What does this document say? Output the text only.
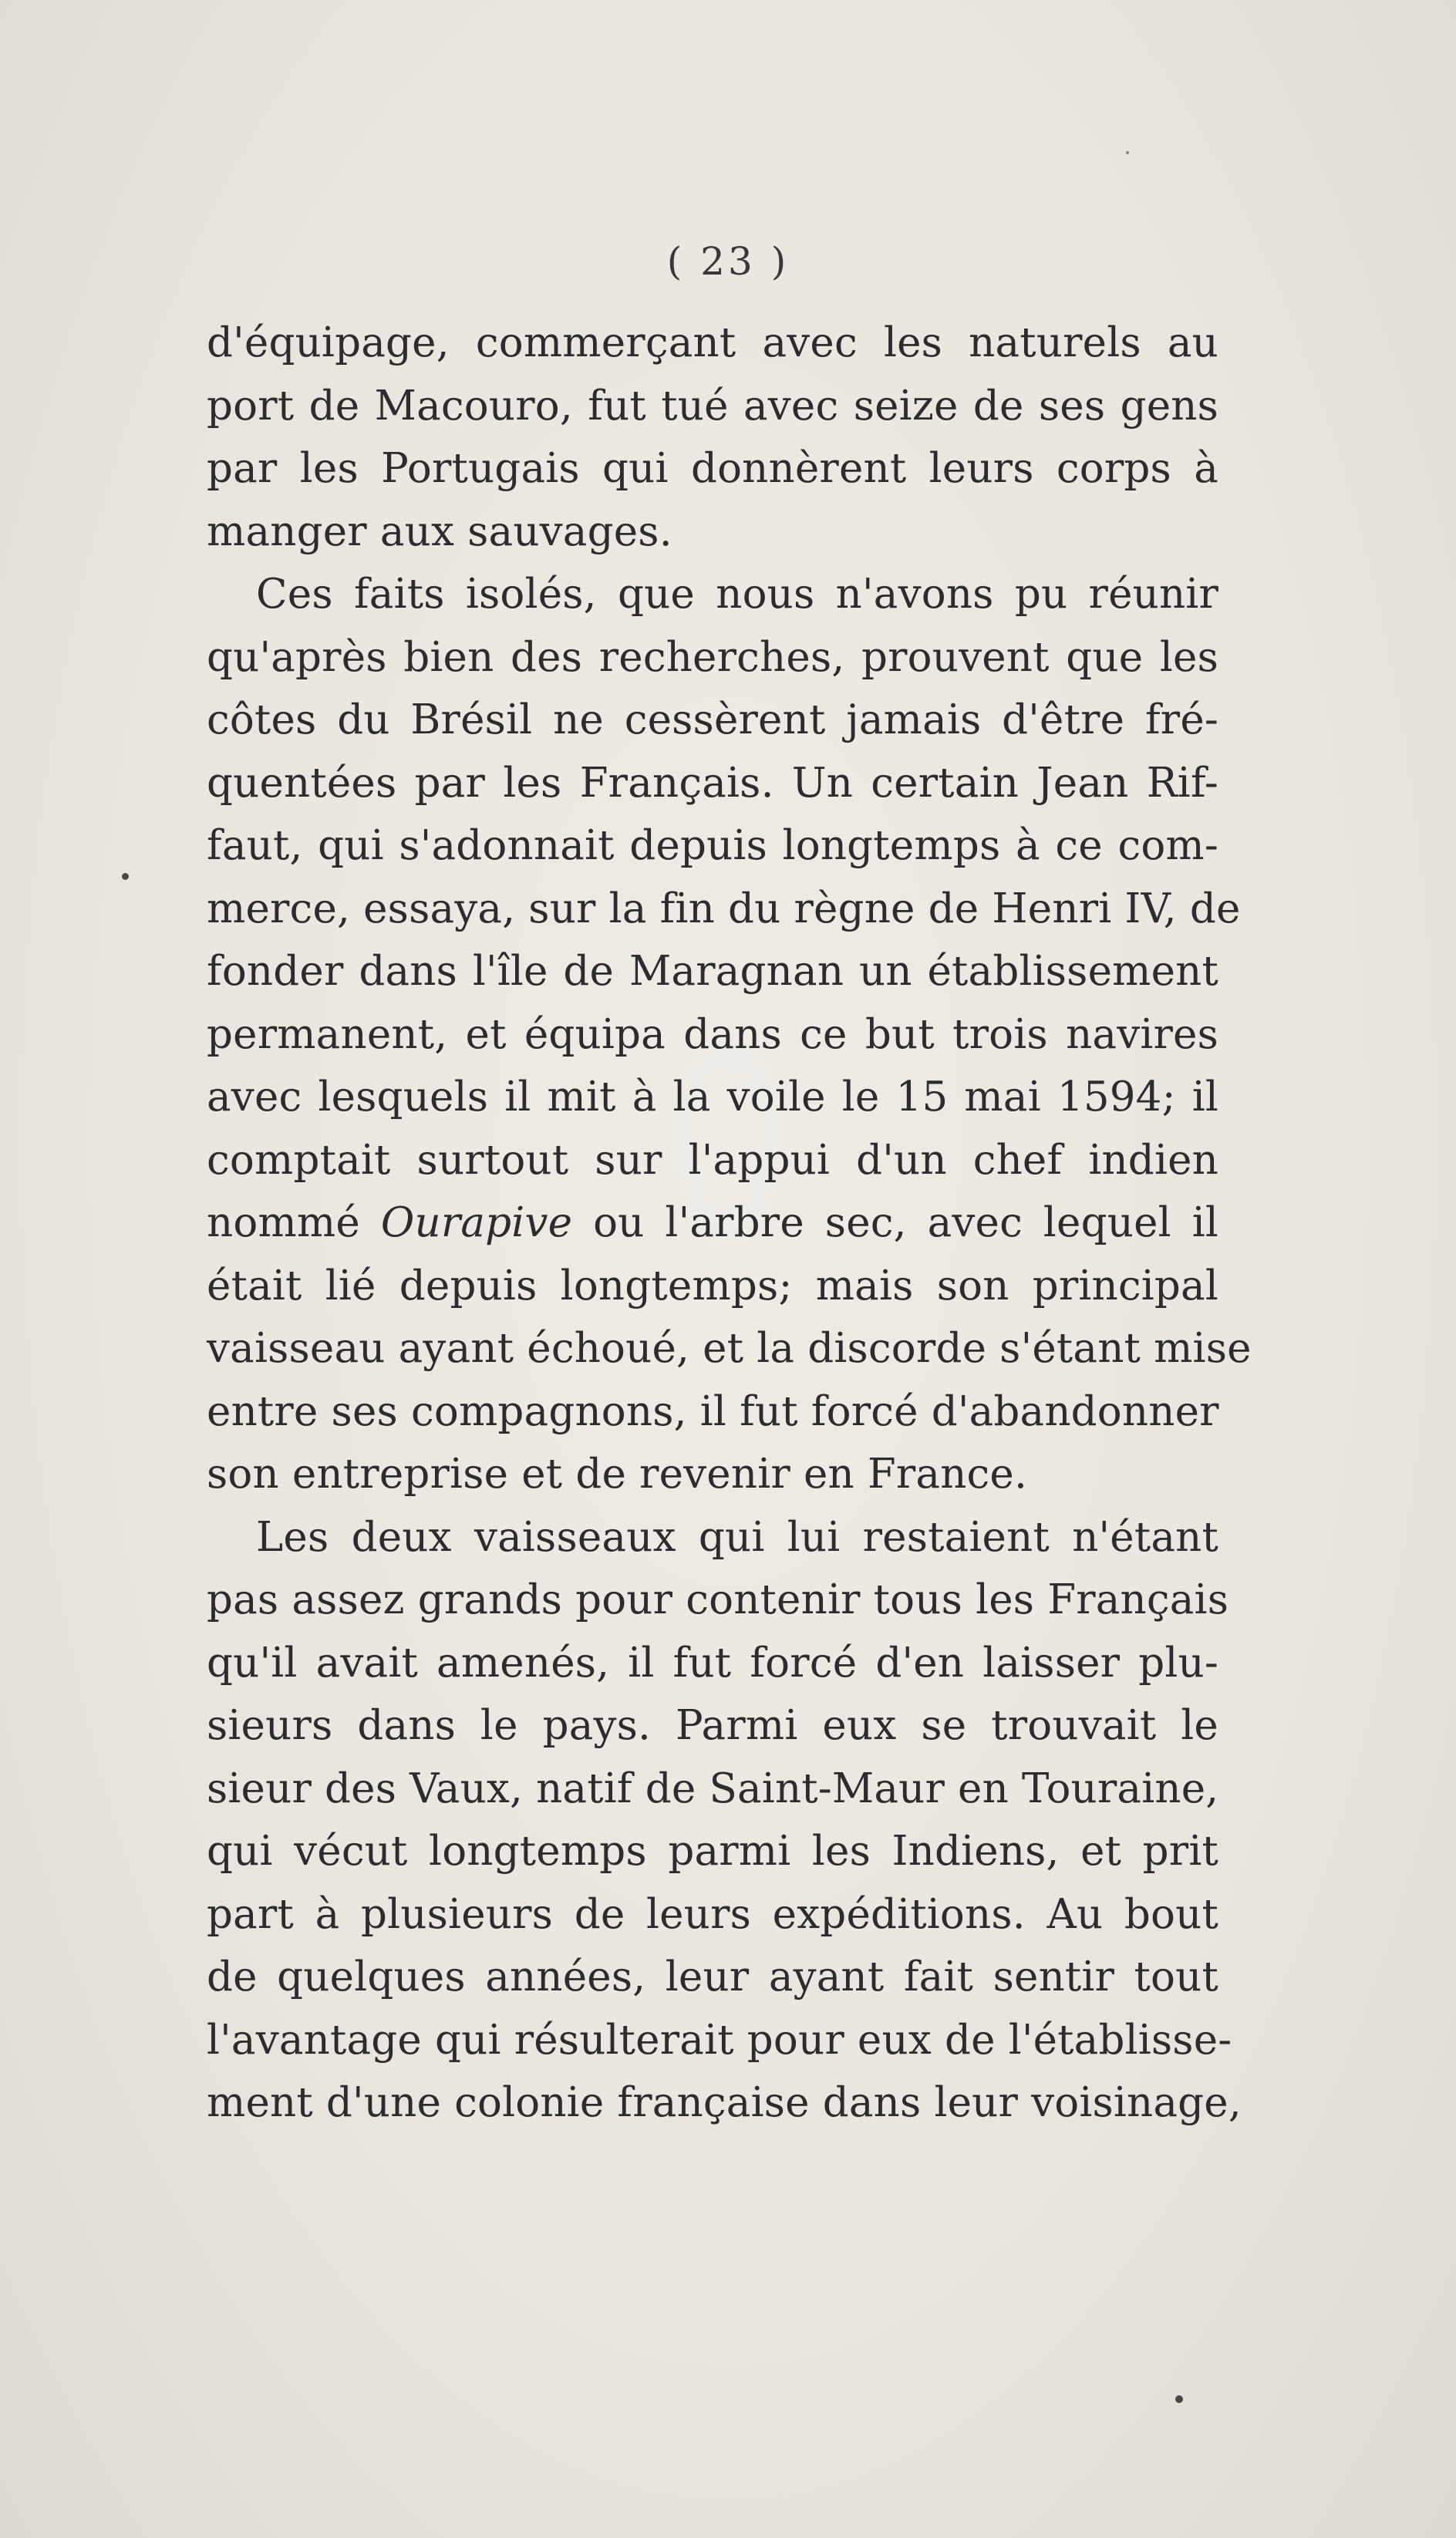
( 23 )
d'équipage, commerçant avec les naturels au
port de Macouro, fut tué avec seize de ses gens
par les Portugais qui donnèrent leurs corps à
manger aux sauvages.
Ces faits isolés, que nous n'avons pu réunir
qu'après bien des recherches, prouvent que les
côtes du Brésil ne cessèrent jamais d'être fré-
quentées par les Français. Un certain Jean Rif-
faut, qui s'adonnait depuis longtemps à ce com-
merce, essaya, sur la fin du règne de Henri IV, de
fonder dans l'île de Maragnan un établissement
permanent, et équipa dans ce but trois navires
avec lesquels il mit à la voile le 15 mai 1594; il
comptait surtout sur l'appui d'un chef indien
nommé Ourapive ou l'arbre sec, avec lequel il
était lié depuis longtemps; mais son principal
vaisseau ayant échoué, et la discorde s'étant mise
entre ses compagnons, il fut forcé d'abandonner
son entreprise et de revenir en France.
Les deux vaisseaux qui lui restaient n'étant
pas assez grands pour contenir tous les Français
qu'il avait amenés, il fut forcé d'en laisser plu-
sieurs dans le pays. Parmi eux se trouvait le
sieur des Vaux, natif de Saint-Maur en Touraine,
qui vécut longtemps parmi les Indiens, et prit
part à plusieurs de leurs expéditions. Au bout
de quelques années, leur ayant fait sentir tout
l'avantage qui résulterait pour eux de l'établisse-
ment d'une colonie française dans leur voisinage,
